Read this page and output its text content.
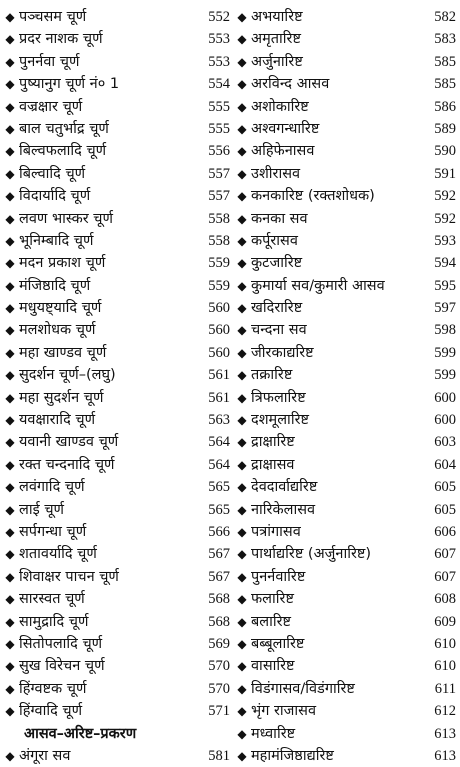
◆ पञ्चसम चूर्ण	552
◆ प्रदर नाशक चूर्ण	553
◆ पुनर्नवा चूर्ण	553
◆ पुष्यानुग चूर्ण नं० 1	554
◆ वज्रक्षार चूर्ण	555
◆ बाल चतुर्भाद्र चूर्ण	555
◆ बिल्वफलादि चूर्ण	556
◆ बिल्वादि चूर्ण	557
◆ विदार्यादि चूर्ण	557
◆ लवण भास्कर चूर्ण	558
◆ भूनिम्बादि चूर्ण	558
◆ मदन प्रकाश चूर्ण	559
◆ मंजिष्ठादि चूर्ण	559
◆ मधुयष्ट्यादि चूर्ण	560
◆ मलशोधक चूर्ण	560
◆ महा खाण्डव चूर्ण	560
◆ सुदर्शन चूर्ण–(लघु)	561
◆ महा सुदर्शन चूर्ण	561
◆ यवक्षारादि चूर्ण	563
◆ यवानी खाण्डव चूर्ण	564
◆ रक्त चन्दनादि चूर्ण	564
◆ लवंगादि चूर्ण	565
◆ लाई चूर्ण	565
◆ सर्पगन्धा चूर्ण	566
◆ शतावर्यादि चूर्ण	567
◆ शिवाक्षर पाचन चूर्ण	567
◆ सारस्वत चूर्ण	568
◆ सामुद्रादि चूर्ण	568
◆ सितोपलादि चूर्ण	569
◆ सुख विरेचन चूर्ण	570
◆ हिंग्वष्टक चूर्ण	570
◆ हिंग्वादि चूर्ण	571
आसव–अरिष्ट–प्रकरण
◆ अंगूरा सव	581
◆ अभयारिष्ट	582
◆ अमृतारिष्ट	583
◆ अर्जुनारिष्ट	585
◆ अरविन्द आसव	585
◆ अशोकारिष्ट	586
◆ अश्वगन्धारिष्ट	589
◆ अहिफेनासव	590
◆ उशीरासव	591
◆ कनकारिष्ट (रक्तशोधक)	592
◆ कनका सव	592
◆ कर्पूरासव	593
◆ कुटजारिष्ट	594
◆ कुमार्या सव/कुमारी आसव	595
◆ खदिरारिष्ट	597
◆ चन्दना सव	598
◆ जीरकाद्यरिष्ट	599
◆ तक्रारिष्ट	599
◆ त्रिफलारिष्ट	600
◆ दशमूलारिष्ट	600
◆ द्राक्षारिष्ट	603
◆ द्राक्षासव	604
◆ देवदार्वाद्यरिष्ट	605
◆ नारिकेलासव	605
◆ पत्रांगासव	606
◆ पार्थाद्यरिष्ट (अर्जुनारिष्ट)	607
◆ पुनर्नवारिष्ट	607
◆ फलारिष्ट	608
◆ बलारिष्ट	609
◆ बब्बूलारिष्ट	610
◆ वासारिष्ट	610
◆ विडंगासव/विडंगारिष्ट	611
◆ भृंग राजासव	612
◆ मध्वारिष्ट	613
◆ महामंजिष्ठाद्यरिष्ट	613
